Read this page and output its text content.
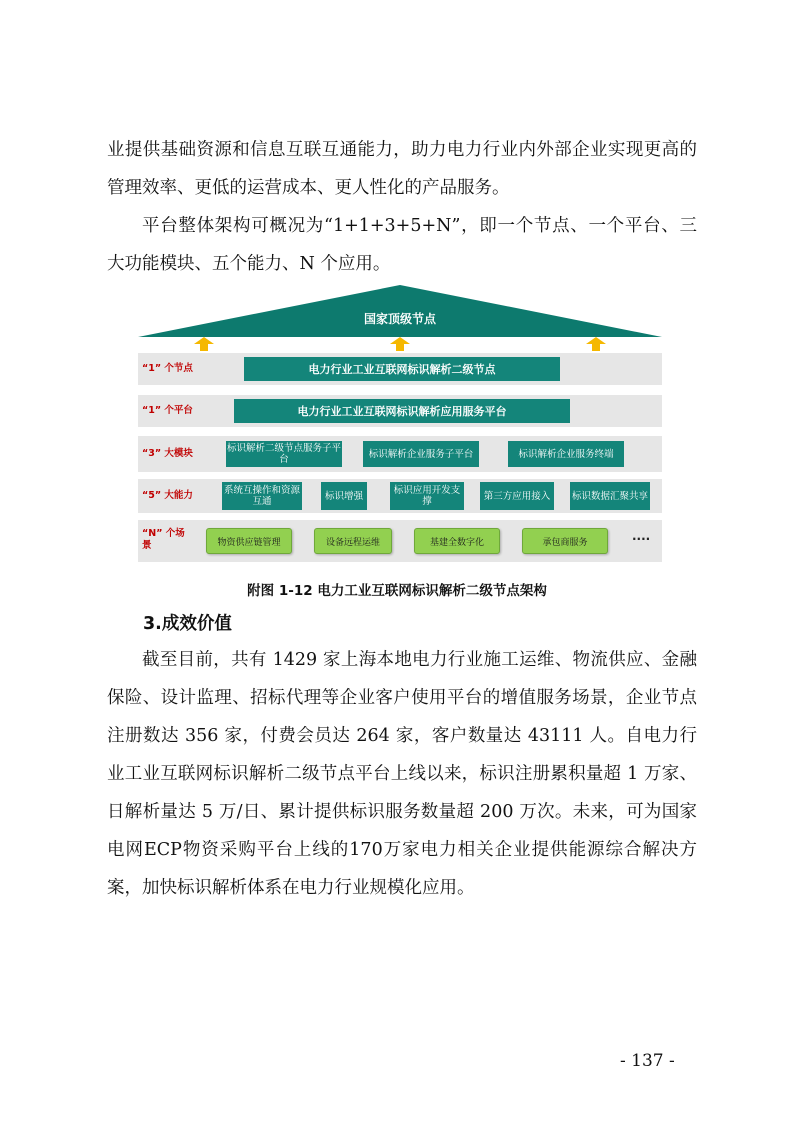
业提供基础资源和信息互联互通能力，助力电力行业内外部企业实现更高的管理效率、更低的运营成本、更人性化的产品服务。

平台整体架构可概况为“1+1+3+5+N”，即一个节点、一个平台、三大功能模块、五个能力、N 个应用。

国家顶级节点
“1” 个节点	电力行业工业互联网标识解析二级节点
“1” 个平台	电力行业工业互联网标识解析应用服务平台
“3” 大模块	标识解析二级节点服务子平台	标识解析企业服务子平台	标识解析企业服务终端
“5” 大能力	系统互操作和资源互通	标识增强	标识应用开发支撑	第三方应用接入	标识数据汇聚共享
“N” 个场景	物资供应链管理	设备远程运维	基建全数字化	承包商服务	····
附图 1-12 电力工业互联网标识解析二级节点架构
3.成效价值

截至目前，共有 1429 家上海本地电力行业施工运维、物流供应、金融保险、设计监理、招标代理等企业客户使用平台的增值服务场景，企业节点注册数达 356 家，付费会员达 264 家，客户数量达 43111 人。自电力行业工业互联网标识解析二级节点平台上线以来，标识注册累积量超 1 万家、日解析量达 5 万/日、累计提供标识服务数量超 200 万次。未来，可为国家电网ECP物资采购平台上线的170万家电力相关企业提供能源综合解决方案，加快标识解析体系在电力行业规模化应用。

- 137 -
